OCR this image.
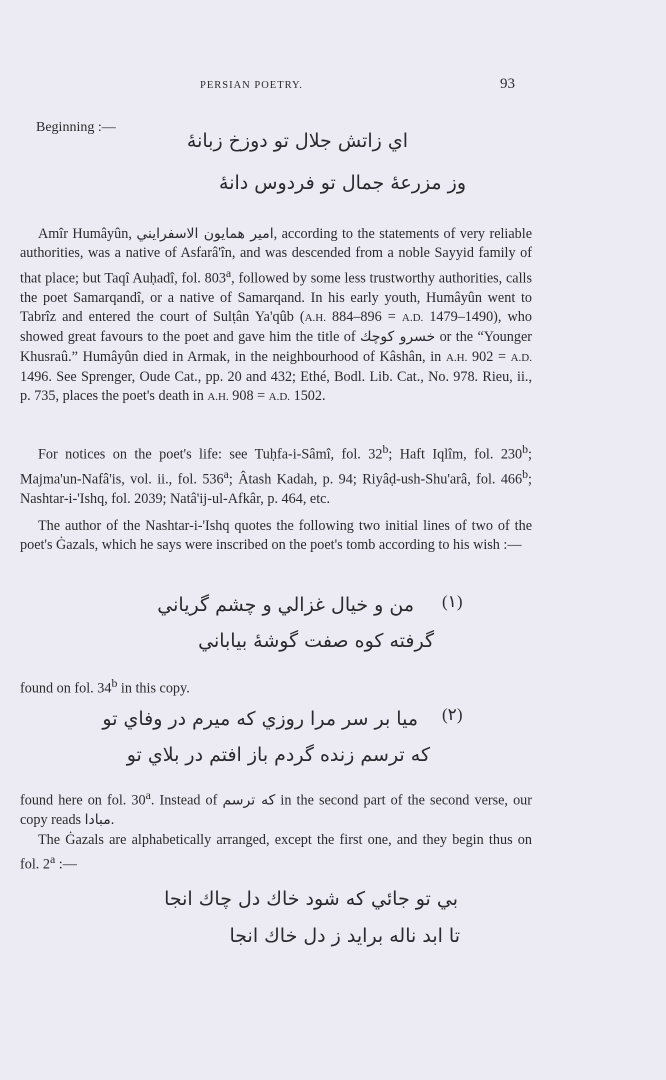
PERSIAN POETRY.	93
Beginning :—
اي زاتش جلال تو دوزخ زبانهٔ
وز مزرعهٔ جمال تو فردوس دانهٔ
Amîr Humâyûn, امير همايون الاسفرايني, according to the statements of very reliable authorities, was a native of Asfarâ'în, and was descended from a noble Sayyid family of that place; but Taqî Auḥadî, fol. 803$^a$, followed by some less trustworthy authorities, calls the poet Samarqandî, or a native of Samarqand. In his early youth, Humâyûn went to Tabrîz and entered the court of Sulṭân Ya'qûb (A.H. 884–896 = A.D. 1479–1490), who showed great favours to the poet and gave him the title of خسرو كوچك or the “Younger Khusraû.” Humâyûn died in Armak, in the neighbourhood of Kâshân, in A.H. 902 = A.D. 1496. See Sprenger, Oude Cat., pp. 20 and 432; Ethé, Bodl. Lib. Cat., No. 978. Rieu, ii., p. 735, places the poet's death in A.H. 908 = A.D. 1502.
For notices on the poet's life: see Tuḥfa-i-Sâmî, fol. 32$^b$; Haft Iqlîm, fol. 230$^b$; Majma'un-Nafâ'is, vol. ii., fol. 536$^a$; Âtash Kadah, p. 94; Riyâḍ-ush-Shu'arâ, fol. 466$^b$; Nashtar-i-'Ishq, fol. 2039; Natâ'ij-ul-Afkâr, p. 464, etc.
The author of the Nashtar-i-'Ishq quotes the following two initial lines of two of the poet's Ġazals, which he says were inscribed on the poet's tomb according to his wish :—
(١)
من و خيال غزالي و چشم گرياني
گرفته كوه صفت گوشهٔ بياباني
found on fol. 34$^b$ in this copy.
(٢)
ميا بر سر مرا روزي كه ميرم در وفاي تو
كه ترسم زنده گردم باز افتم در بلاي تو
found here on fol. 30$^a$. Instead of كه ترسم in the second part of the second verse, our copy reads مبادا.
The Ġazals are alphabetically arranged, except the first one, and they begin thus on fol. 2$^a$ :—
بي تو جائي كه شود خاك دل چاك انجا
تا ابد ناله برايد ز دل خاك انجا
